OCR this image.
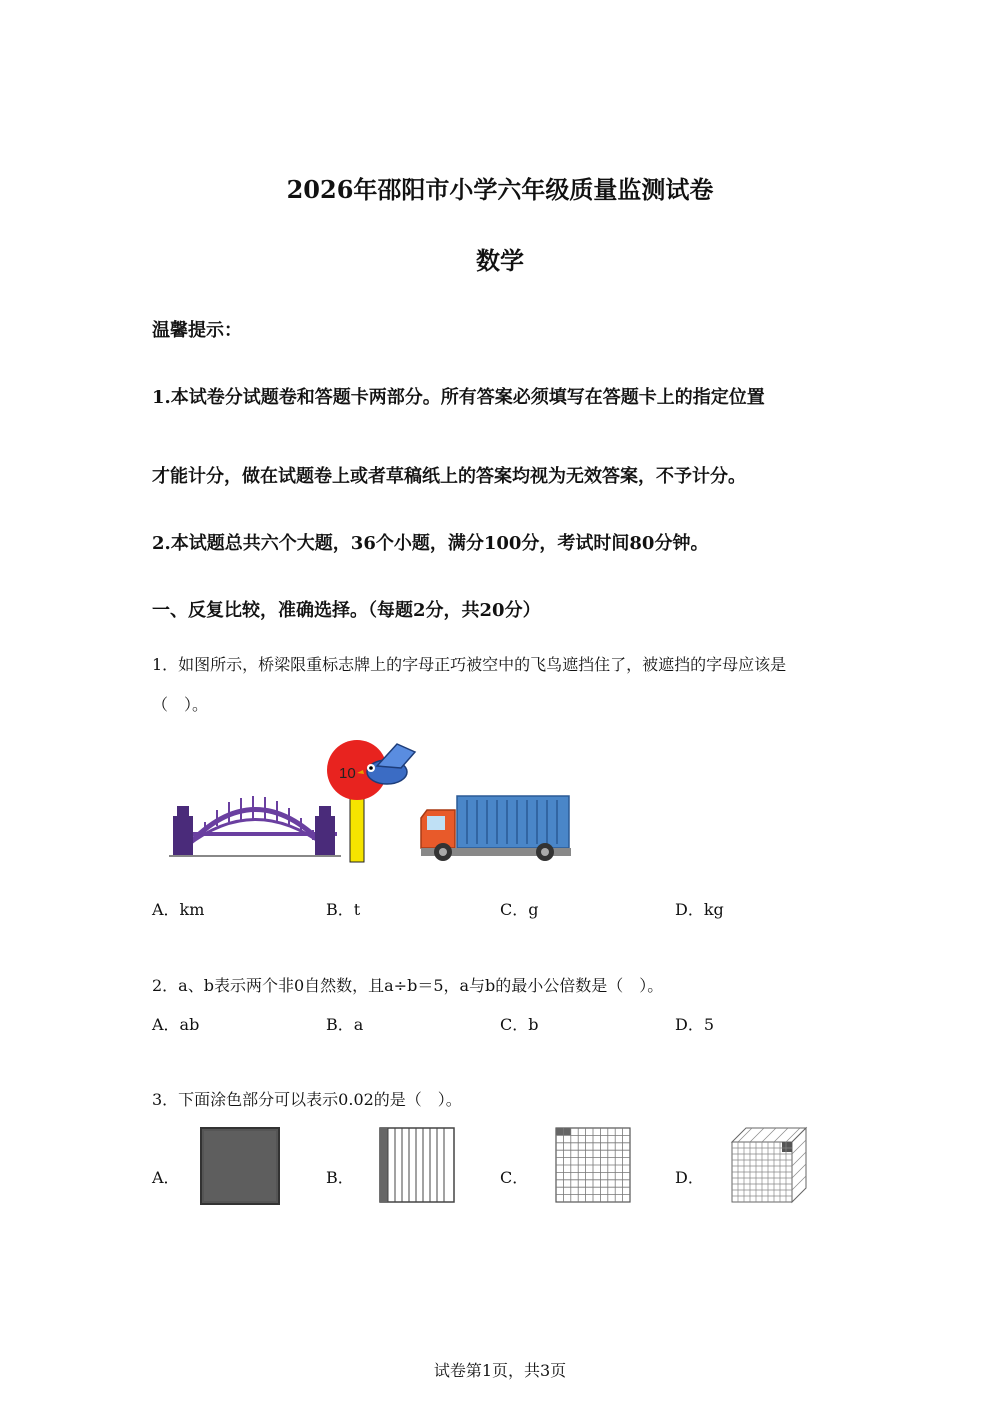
2026年邵阳市小学六年级质量监测试卷
数学
温馨提示：
1.本试卷分试题卷和答题卡两部分。所有答案必须填写在答题卡上的指定位置
才能计分，做在试题卷上或者草稿纸上的答案均视为无效答案，不予计分。
2.本试题总共六个大题，36个小题，满分100分，考试时间80分钟。
一、反复比较，准确选择。（每题2分，共20分）
1．如图所示，桥梁限重标志牌上的字母正巧被空中的飞鸟遮挡住了，被遮挡的字母应该是
（　）。
10
A．km	B．t	C．g	D．kg
2．a、b表示两个非0自然数，且a÷b＝5，a与b的最小公倍数是（　）。
A．ab	B．a	C．b	D．5
3．下面涂色部分可以表示0.02的是（　）。
A．	B．	C．	D．
试卷第1页，共3页
